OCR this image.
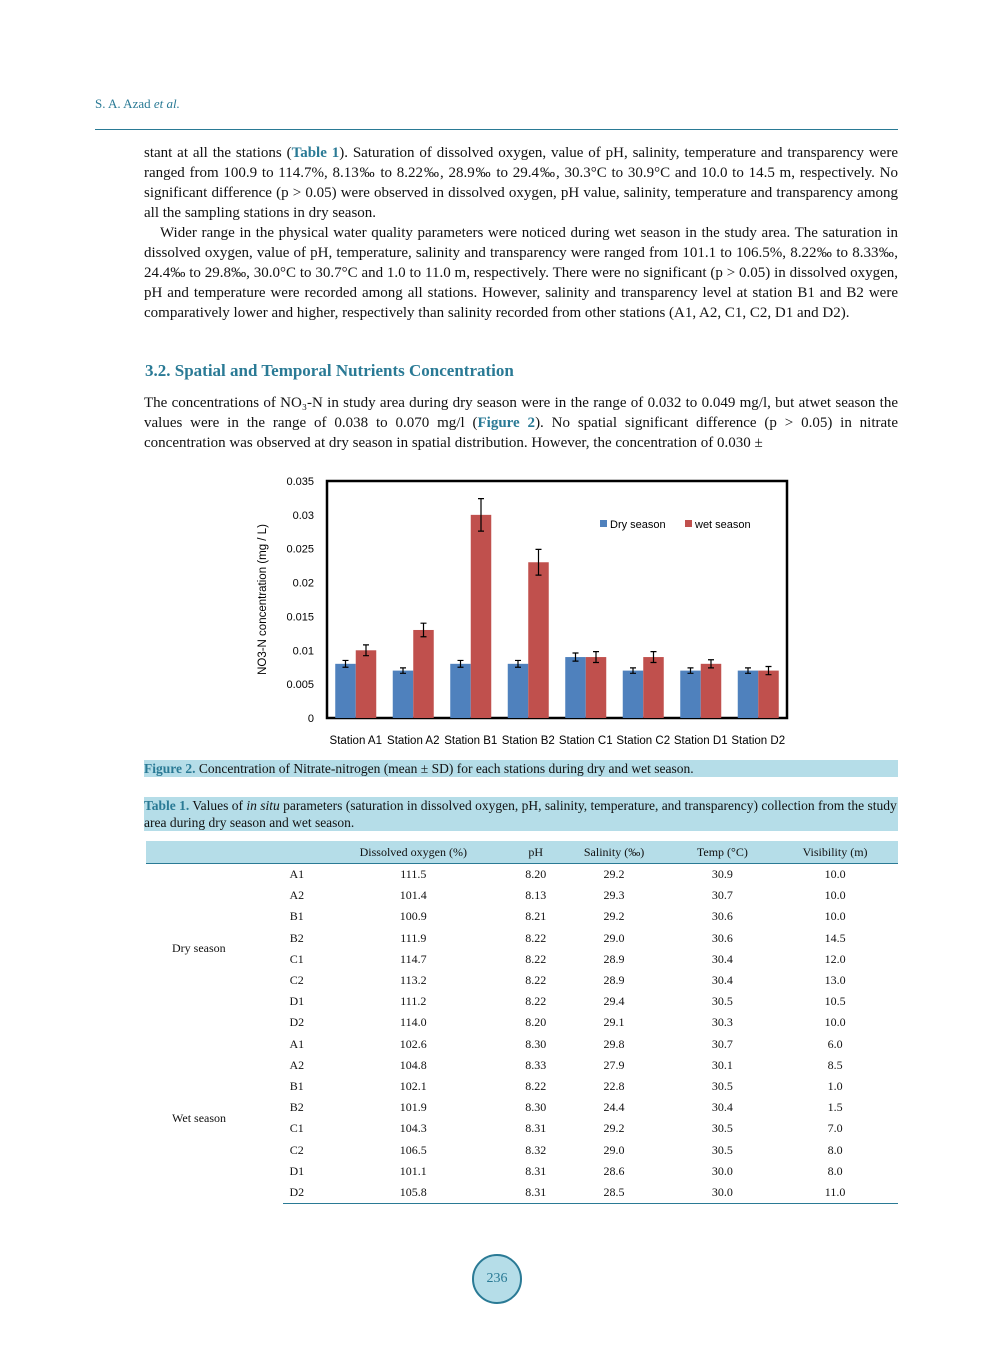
S. A. Azad et al.

stant at all the stations (Table 1). Saturation of dissolved oxygen, value of pH, salinity, temperature and transparency were ranged from 100.9 to 114.7%, 8.13‰ to 8.22‰, 28.9‰ to 29.4‰, 30.3°C to 30.9°C and 10.0 to 14.5 m, respectively. No significant difference (p > 0.05) were observed in dissolved oxygen, pH value, salinity, temperature and transparency among all the sampling stations in dry season.

Wider range in the physical water quality parameters were noticed during wet season in the study area. The saturation in dissolved oxygen, value of pH, temperature, salinity and transparency were ranged from 101.1 to 106.5%, 8.22‰ to 8.33‰, 24.4‰ to 29.8‰, 30.0°C to 30.7°C and 1.0 to 11.0 m, respectively. There were no significant (p > 0.05) in dissolved oxygen, pH and temperature were recorded among all stations. However, salinity and transparency level at station B1 and B2 were comparatively lower and higher, respectively than salinity recorded from other stations (A1, A2, C1, C2, D1 and D2).

3.2. Spatial and Temporal Nutrients Concentration

The concentrations of NO₃-N in study area during dry season were in the range of 0.032 to 0.049 mg/l, but atwet season the values were in the range of 0.038 to 0.070 mg/l (Figure 2). No spatial significant difference (p > 0.05) in nitrate concentration was observed at dry season in spatial distribution. However, the concentration of 0.030 ±

0
0.005
0.01
0.015
0.02
0.025
0.03
0.035
NO3-N concentration (mg / L)
Station A1 Station A2 Station B1 Station B2 Station C1 Station C2 Station D1 Station D2
Dry season	wet season
Figure 2. Concentration of Nitrate-nitrogen (mean ± SD) for each stations during dry and wet season.
Table 1. Values of in situ parameters (saturation in dissolved oxygen, pH, salinity, temperature, and transparency) collection from the study area during dry season and wet season.
		Dissolved oxygen (%)	pH	Salinity (‰)	Temp (°C)	Visibility (m)
Dry season	A1	111.5	8.20	29.2	30.9	10.0
	A2	101.4	8.13	29.3	30.7	10.0
	B1	100.9	8.21	29.2	30.6	10.0
	B2	111.9	8.22	29.0	30.6	14.5
	C1	114.7	8.22	28.9	30.4	12.0
	C2	113.2	8.22	28.9	30.4	13.0
	D1	111.2	8.22	29.4	30.5	10.5
	D2	114.0	8.20	29.1	30.3	10.0
Wet season	A1	102.6	8.30	29.8	30.7	6.0
	A2	104.8	8.33	27.9	30.1	8.5
	B1	102.1	8.22	22.8	30.5	1.0
	B2	101.9	8.30	24.4	30.4	1.5
	C1	104.3	8.31	29.2	30.5	7.0
	C2	106.5	8.32	29.0	30.5	8.0
	D1	101.1	8.31	28.6	30.0	8.0
	D2	105.8	8.31	28.5	30.0	11.0
236
